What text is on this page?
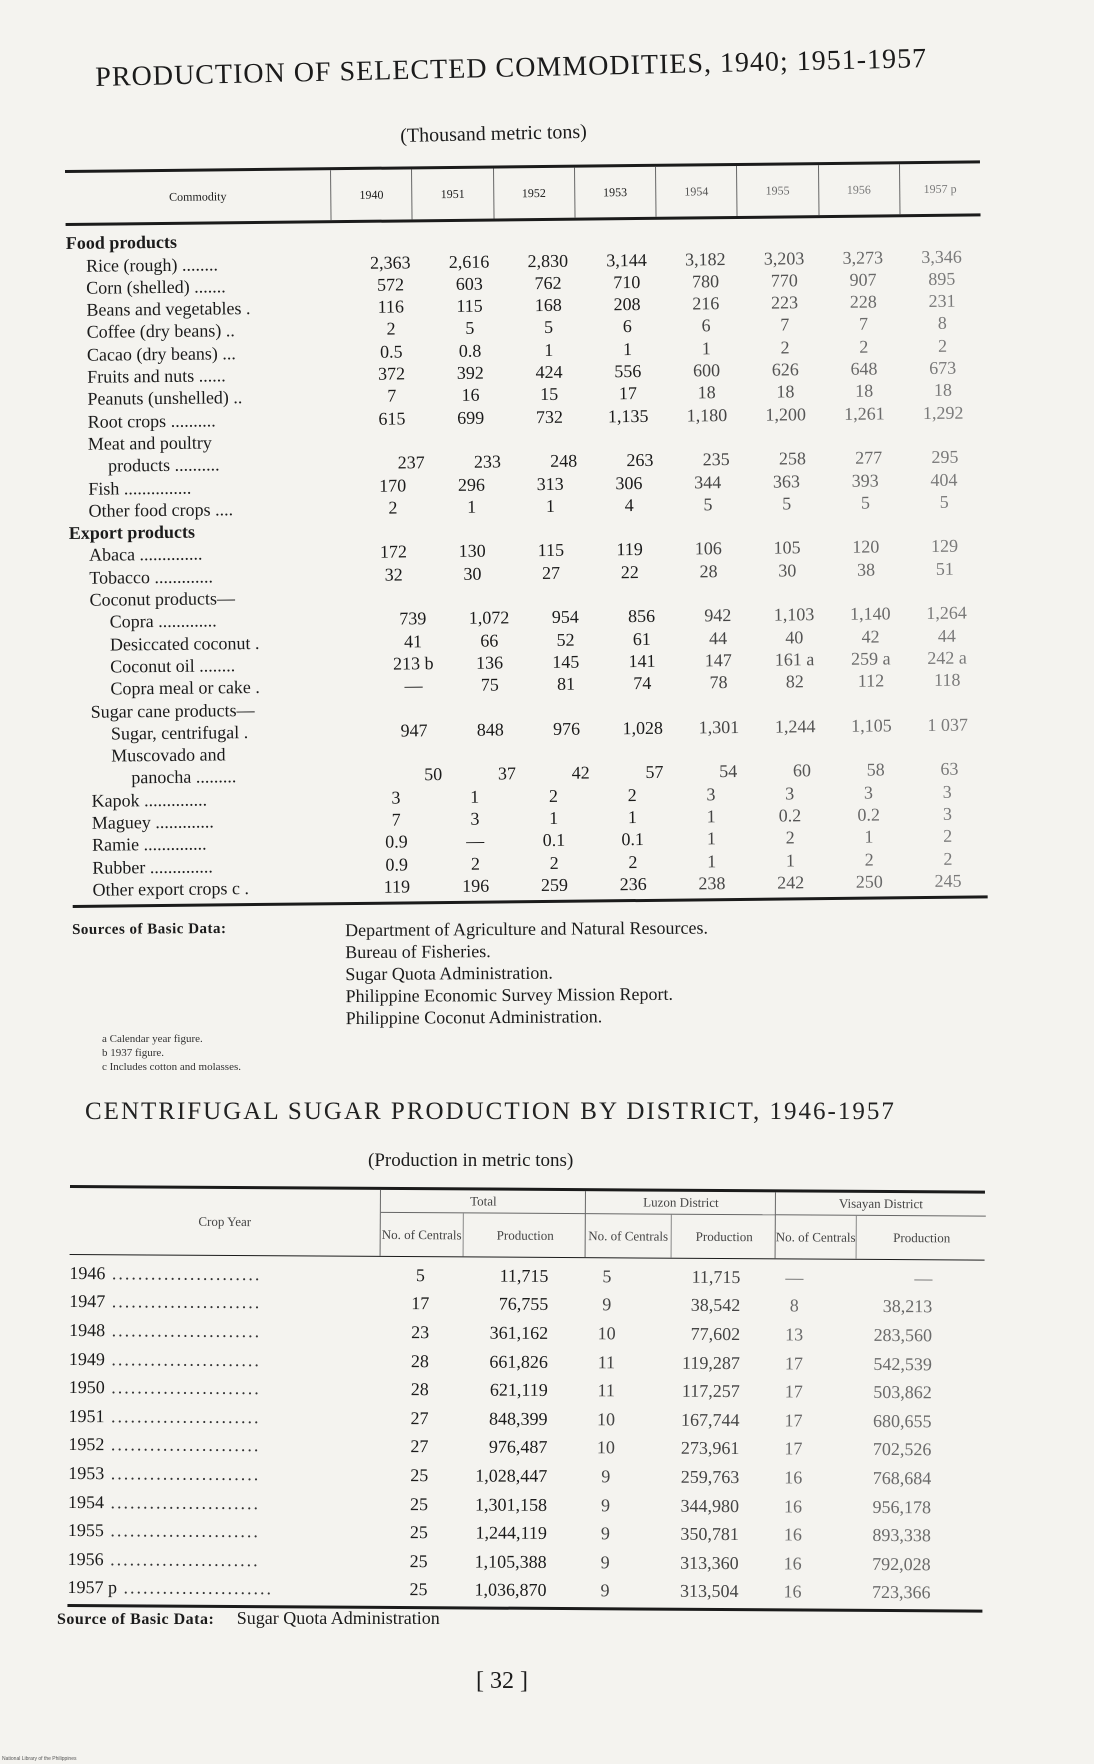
PRODUCTION OF SELECTED COMMODITIES, 1940; 1951-1957
(Thousand metric tons)
Commodity	1940	1951	1952	1953	1954	1955	1956	1957 p
Food products
Rice (rough) ........	2,363	2,616	2,830	3,144	3,182	3,203	3,273	3,346
Corn (shelled) .......	572	603	762	710	780	770	907	895
Beans and vegetables .	116	115	168	208	216	223	228	231
Coffee (dry beans) ..	2	5	5	6	6	7	7	8
Cacao (dry beans) ...	0.5	0.8	1	1	1	2	2	2
Fruits and nuts ......	372	392	424	556	600	626	648	673
Peanuts (unshelled) ..	7	16	15	17	18	18	18	18
Root crops ..........	615	699	732	1,135	1,180	1,200	1,261	1,292
Meat and poultry
products ..........	237	233	248	263	235	258	277	295
Fish ...............	170	296	313	306	344	363	393	404
Other food crops ....	2	1	1	4	5	5	5	5
Export products
Abaca ..............	172	130	115	119	106	105	120	129
Tobacco .............	32	30	27	22	28	30	38	51
Coconut products—
Copra .............	739	1,072	954	856	942	1,103	1,140	1,264
Desiccated coconut .	41	66	52	61	44	40	42	44
Coconut oil ........	213 b	136	145	141	147	161 a	259 a	242 a
Copra meal or cake .	—	75	81	74	78	82	112	118
Sugar cane products—
Sugar, centrifugal .	947	848	976	1,028	1,301	1,244	1,105	1 037
Muscovado and
panocha .........	50	37	42	57	54	60	58	63
Kapok ..............	3	1	2	2	3	3	3	3
Maguey .............	7	3	1	1	1	0.2	0.2	3
Ramie ..............	0.9	—	0.1	0.1	1	2	1	2
Rubber ..............	0.9	2	2	2	1	1	2	2
Other export crops c .	119	196	259	236	238	242	250	245
Sources of Basic Data:	Department of Agriculture and Natural Resources.
Bureau of Fisheries.
Sugar Quota Administration.
Philippine Economic Survey Mission Report.
Philippine Coconut Administration.
a Calendar year figure.
b 1937 figure.
c Includes cotton and molasses.
CENTRIFUGAL SUGAR PRODUCTION BY DISTRICT, 1946-1957
(Production in metric tons)
Crop Year
Total
No. of Centrals	Production
Luzon District
No. of Centrals	Production
Visayan District
No. of Centrals	Production
1946 .......................	5	11,715	5	11,715	—	—
1947 .......................	17	76,755	9	38,542	8	38,213
1948 .......................	23	361,162	10	77,602	13	283,560
1949 .......................	28	661,826	11	119,287	17	542,539
1950 .......................	28	621,119	11	117,257	17	503,862
1951 .......................	27	848,399	10	167,744	17	680,655
1952 .......................	27	976,487	10	273,961	17	702,526
1953 .......................	25	1,028,447	9	259,763	16	768,684
1954 .......................	25	1,301,158	9	344,980	16	956,178
1955 .......................	25	1,244,119	9	350,781	16	893,338
1956 .......................	25	1,105,388	9	313,360	16	792,028
1957 p .......................	25	1,036,870	9	313,504	16	723,366
Source of Basic Data: Sugar Quota Administration
[ 32 ]
National Library of the Philippines
